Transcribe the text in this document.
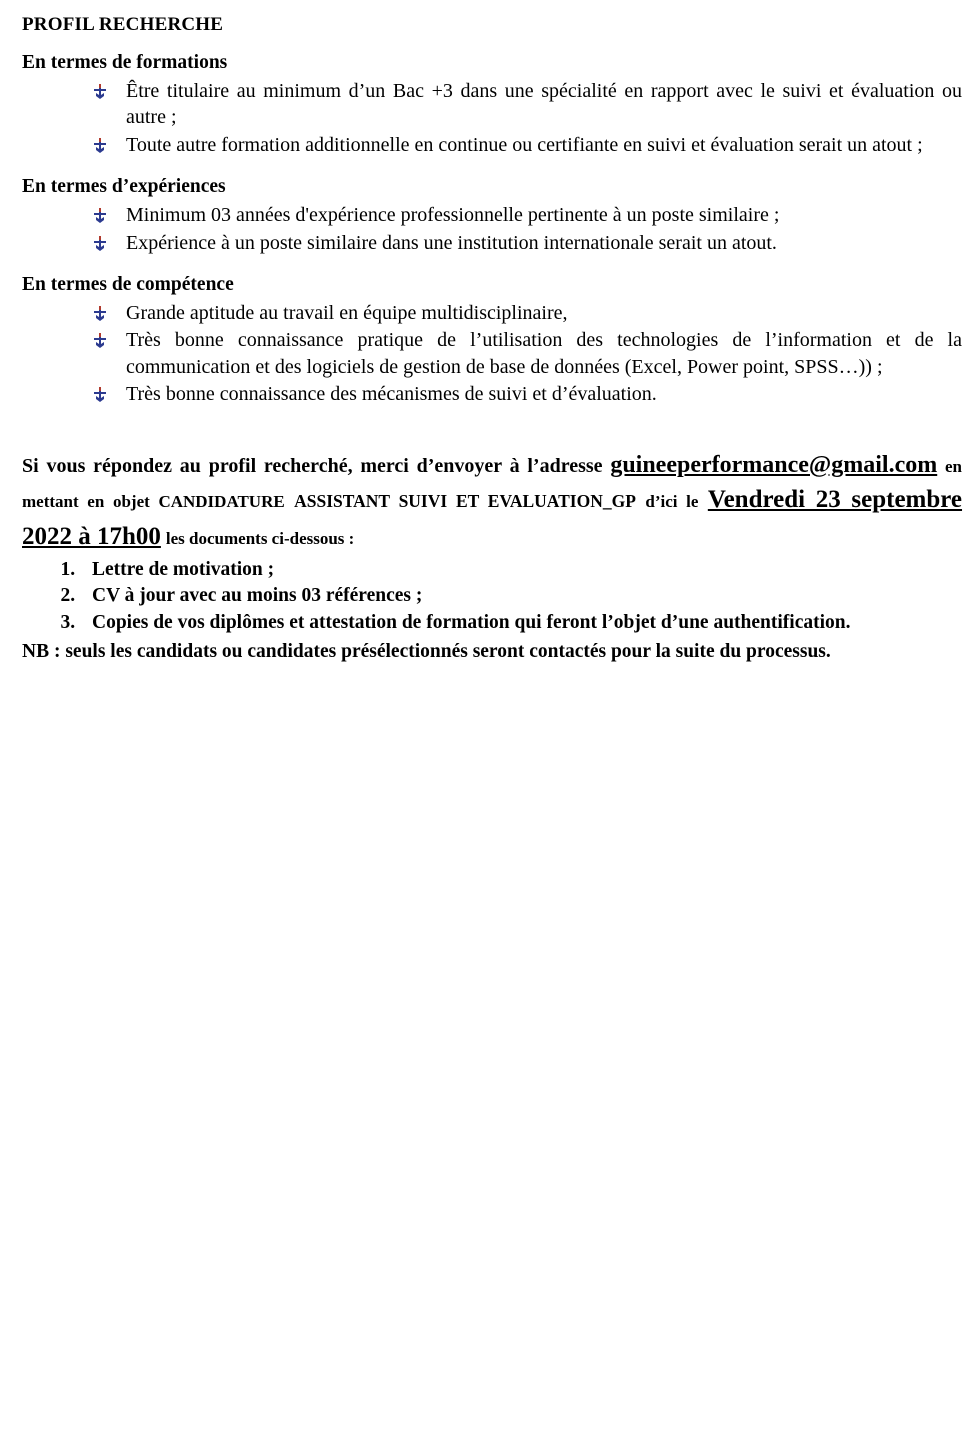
PROFIL RECHERCHE
En termes de formations
Être titulaire au minimum d’un Bac +3 dans une spécialité en rapport avec le suivi et évaluation ou autre ;
Toute autre formation additionnelle en continue ou certifiante en suivi et évaluation serait un atout ;
En termes d’expériences
Minimum 03 années d'expérience professionnelle pertinente à un poste similaire ;
Expérience à un poste similaire dans une institution internationale serait un atout.
En termes de compétence
Grande aptitude au travail en équipe multidisciplinaire,
Très bonne connaissance pratique de l’utilisation des technologies de l’information et de la communication et des logiciels de gestion de base de données (Excel, Power point, SPSS…)) ;
Très bonne connaissance des mécanismes de suivi et d’évaluation.
Si vous répondez au profil recherché, merci d’envoyer à l’adresse guineeperformance@gmail.com en mettant en objet CANDIDATURE ASSISTANT SUIVI ET EVALUATION_GP d’ici le Vendredi 23 septembre 2022 à 17h00 les documents ci-dessous :
1. Lettre de motivation ;
2. CV à jour avec au moins 03 références ;
3. Copies de vos diplômes et attestation de formation qui feront l’objet d’une authentification.
NB : seuls les candidats ou candidates présélectionnés seront contactés pour la suite du processus.
